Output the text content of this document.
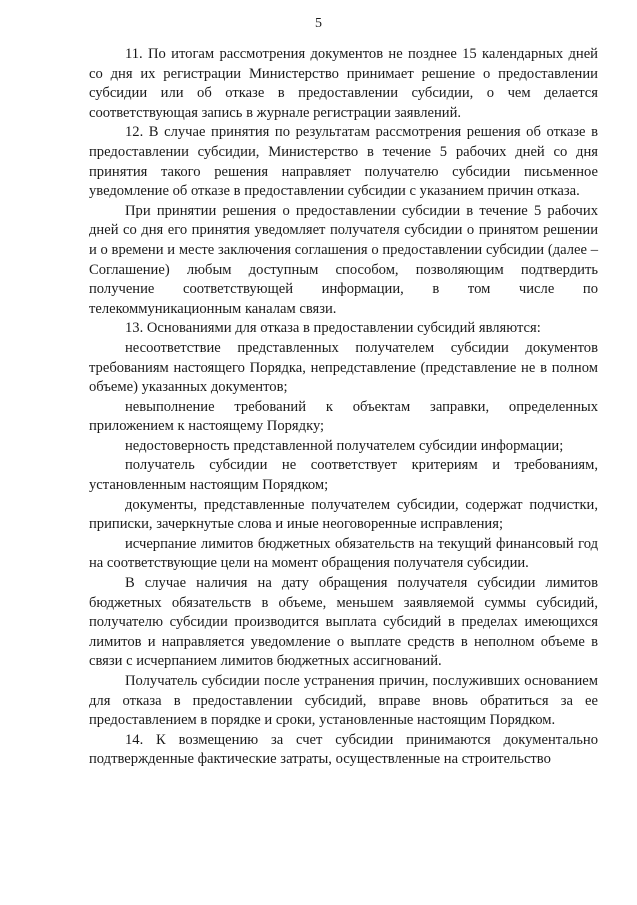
5

11. По итогам рассмотрения документов не позднее 15 календарных дней со дня их регистрации Министерство принимает решение о предоставлении субсидии или об отказе в предоставлении субсидии, о чем делается соответствующая запись в журнале регистрации заявлений.

12. В случае принятия по результатам рассмотрения решения об отказе в предоставлении субсидии, Министерство в течение 5 рабочих дней со дня принятия такого решения направляет получателю субсидии письменное уведомление об отказе в предоставлении субсидии с указанием причин отказа.

При принятии решения о предоставлении субсидии в течение 5 рабочих дней со дня его принятия уведомляет получателя субсидии о принятом решении и о времени и месте заключения соглашения о предоставлении субсидии (далее – Соглашение) любым доступным способом, позволяющим подтвердить получение соответствующей информации, в том числе по телекоммуникационным каналам связи.

13. Основаниями для отказа в предоставлении субсидий являются:

несоответствие представленных получателем субсидии документов требованиям настоящего Порядка, непредставление (представление не в полном объеме) указанных документов;

невыполнение требований к объектам заправки, определенных приложением к настоящему Порядку;

недостоверность представленной получателем субсидии информации;

получатель субсидии не соответствует критериям и требованиям, установленным настоящим Порядком;

документы, представленные получателем субсидии, содержат подчистки, приписки, зачеркнутые слова и иные неоговоренные исправления;

исчерпание лимитов бюджетных обязательств на текущий финансовый год на соответствующие цели на момент обращения получателя субсидии.

В случае наличия на дату обращения получателя субсидии лимитов бюджетных обязательств в объеме, меньшем заявляемой суммы субсидий, получателю субсидии производится выплата субсидий в пределах имеющихся лимитов и направляется уведомление о выплате средств в неполном объеме в связи с исчерпанием лимитов бюджетных ассигнований.

Получатель субсидии после устранения причин, послуживших основанием для отказа в предоставлении субсидий, вправе вновь обратиться за ее предоставлением в порядке и сроки, установленные настоящим Порядком.

14. К возмещению за счет субсидии принимаются документально подтвержденные фактические затраты, осуществленные на строительство
